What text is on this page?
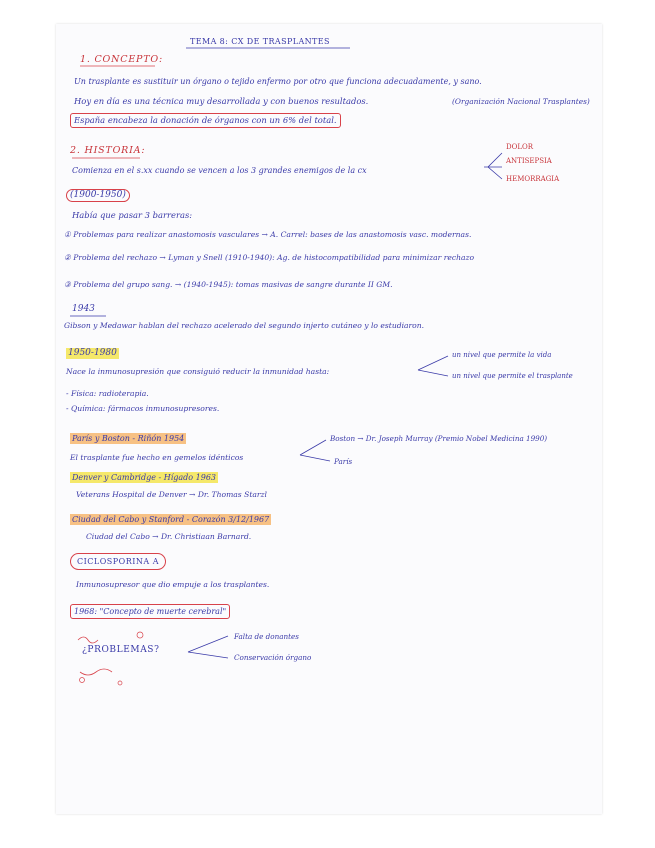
TEMA 8: CX DE TRASPLANTES
1. CONCEPTO:
Un trasplante es sustituir un órgano o tejido enfermo por otro que funciona adecuadamente, y sano.
Hoy en día es una técnica muy desarrollada y con buenos resultados.	(Organización Nacional Trasplantes)
España encabeza la donación de órganos con un 6% del total.
2. HISTORIA:
Comienza en el s.xx cuando se vencen a los 3 grandes enemigos de la cx
DOLOR
ANTISEPSIA
HEMORRAGIA
(1900-1950)
Había que pasar 3 barreras:
① Problemas para realizar anastomosis vasculares → A. Carrel: bases de las anastomosis vasc. modernas.
② Problema del rechazo → Lyman y Snell (1910-1940): Ag. de histocompatibilidad para minimizar rechazo
③ Problema del grupo sang. → (1940-1945): tomas masivas de sangre durante II GM.
1943
Gibson y Medawar hablan del rechazo acelerado del segundo injerto cutáneo y lo estudiaron.
1950-1980
Nace la inmunosupresión que consiguió reducir la inmunidad hasta:
un nivel que permite la vida
un nivel que permite el trasplante
- Física: radioterapia.
- Química: fármacos inmunosupresores.
París y Boston - Riñón 1954
El trasplante fue hecho en gemelos idénticos
Boston → Dr. Joseph Murray (Premio Nobel Medicina 1990)
París
Denver y Cambridge - Hígado 1963
Veterans Hospital de Denver → Dr. Thomas Starzl
Ciudad del Cabo y Stanford - Corazón 3/12/1967
Ciudad del Cabo → Dr. Christiaan Barnard.
CICLOSPORINA A
Inmunosupresor que dio empuje a los trasplantes.
1968: "Concepto de muerte cerebral"
¿PROBLEMAS?
Falta de donantes
Conservación órgano
